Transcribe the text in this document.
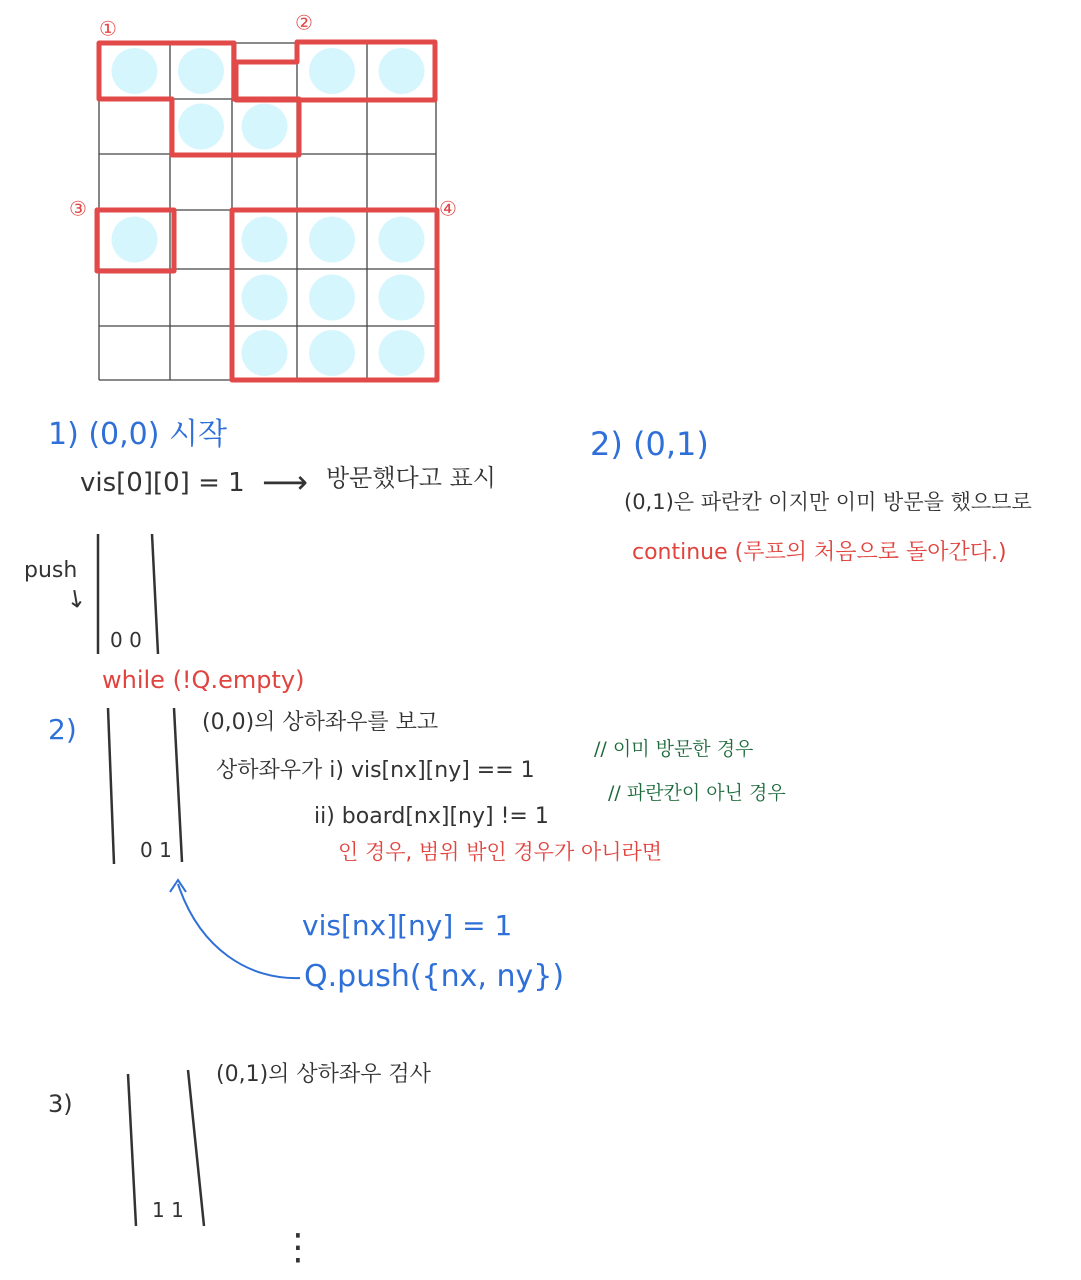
①	②
③	④
1) (0,0) 시작
vis[0][0] = 1 ⟶ 방문했다고 표시
push
↘
0 0
while (!Q.empty)
2)
0 1
(0,0)의 상하좌우를 보고
상하좌우가 i) vis[nx][ny] == 1
// 이미 방문한 경우
ii) board[nx][ny] != 1
// 파란칸이 아닌 경우
인 경우, 범위 밖인 경우가 아니라면
vis[nx][ny] = 1
Q.push({nx, ny})
2) (0,1)
(0,1)은 파란칸 이지만 이미 방문을 했으므로
continue (루프의 처음으로 돌아간다.)
3)
1 1
(0,1)의 상하좌우 검사
⋮
